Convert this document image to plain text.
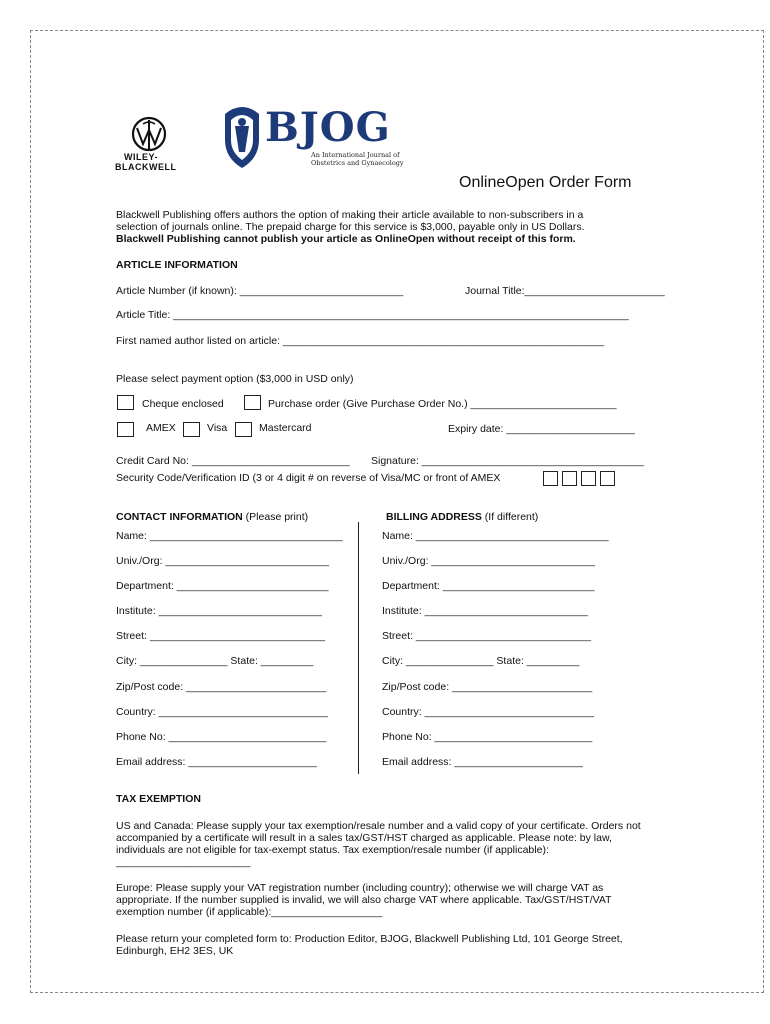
WILEY-
BLACKWELL
BJOG
An International Journal of
Obstetrics and Gynaecology
OnlineOpen Order Form
Blackwell Publishing offers authors the option of making their article available to non-subscribers in a
selection of journals online. The prepaid charge for this service is $3,000, payable only in US Dollars.
Blackwell Publishing cannot publish your article as OnlineOpen without receipt of this form.
ARTICLE INFORMATION
Article Number (if known): ____________________________	Journal Title:________________________
Article Title: ______________________________________________________________________________
First named author listed on article: _______________________________________________________
Please select payment option ($3,000 in USD only)
Cheque enclosed	Purchase order (Give Purchase Order No.) _________________________
AMEX	Visa	Mastercard	Expiry date: ______________________
Credit Card No: ___________________________ Signature: ______________________________________
Security Code/Verification ID (3 or 4 digit # on reverse of Visa/MC or front of AMEX
CONTACT INFORMATION (Please print)	BILLING ADDRESS (If different)
Name: _________________________________
Univ./Org: ____________________________
Department: __________________________
Institute: ____________________________
Street: ______________________________
City: _______________ State: _________
Zip/Post code: ________________________
Country: _____________________________
Phone No: ___________________________
Email address: ______________________
Name: _________________________________
Univ./Org: ____________________________
Department: __________________________
Institute: ____________________________
Street: ______________________________
City: _______________ State: _________
Zip/Post code: ________________________
Country: _____________________________
Phone No: ___________________________
Email address: ______________________
TAX EXEMPTION
US and Canada: Please supply your tax exemption/resale number and a valid copy of your certificate. Orders not accompanied by a certificate will result in a sales tax/GST/HST charged as applicable. Please note: by law, individuals are not eligible for tax-exempt status. Tax exemption/resale number (if applicable): _______________________
Europe: Please supply your VAT registration number (including country); otherwise we will charge VAT as appropriate. If the number supplied is invalid, we will also charge VAT where applicable. Tax/GST/HST/VAT exemption number (if applicable):___________________
Please return your completed form to: Production Editor, BJOG, Blackwell Publishing Ltd, 101 George Street, Edinburgh, EH2 3ES, UK
